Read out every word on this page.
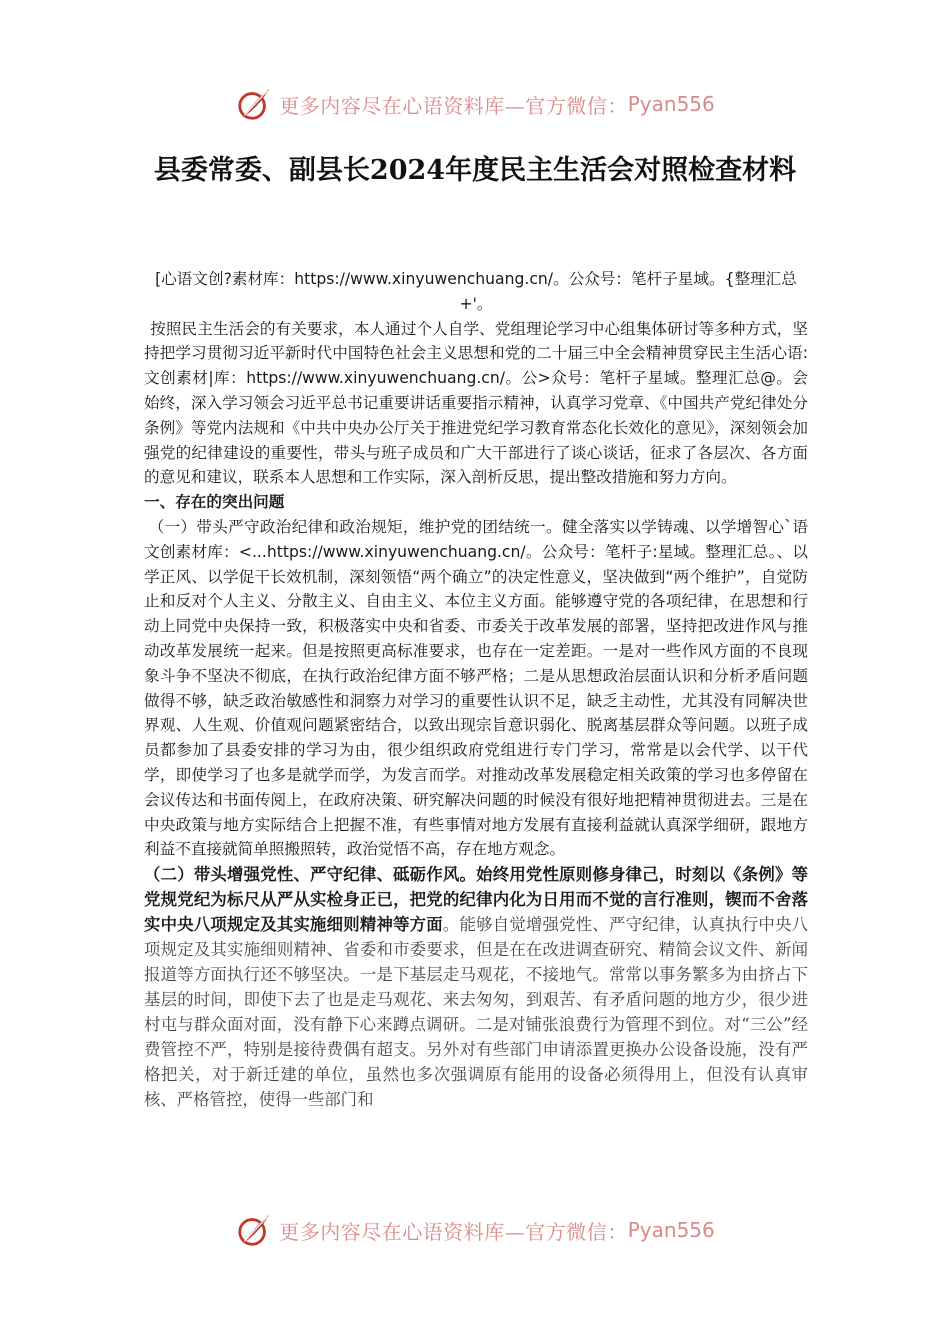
更多内容尽在心语资料库—官方微信： Pyan556
县委常委、副县长2024年度民主生活会对照检查材料

[心语文创?素材库：https://www.xinyuwenchuang.cn/。公众号：笔杆子星域。{整理汇总+'。

按照民主生活会的有关要求，本人通过个人自学、党组理论学习中心组集体研讨等多种方式，坚持把学习贯彻习近平新时代中国特色社会主义思想和党的二十届三中全会精神贯穿民主生活心语:文创素材|库：https://www.xinyuwenchuang.cn/。公>众号：笔杆子星域。整理汇总@。会始终，深入学习领会习近平总书记重要讲话重要指示精神，认真学习党章、《中国共产党纪律处分条例》等党内法规和《中共中央办公厅关于推进党纪学习教育常态化长效化的意见》，深刻领会加强党的纪律建设的重要性，带头与班子成员和广大干部进行了谈心谈话，征求了各层次、各方面的意见和建议，联系本人思想和工作实际，深入剖析反思，提出整改措施和努力方向。

一、存在的突出问题

（一）带头严守政治纪律和政治规矩，维护党的团结统一。健全落实以学铸魂、以学增智心`语文创素材库：<...https://www.xinyuwenchuang.cn/。公众号：笔杆子:星域。整理汇总。、以学正风、以学促干长效机制，深刻领悟“两个确立”的决定性意义，坚决做到“两个维护”，自觉防止和反对个人主义、分散主义、自由主义、本位主义方面。能够遵守党的各项纪律，在思想和行动上同党中央保持一致，积极落实中央和省委、市委关于改革发展的部署，坚持把改进作风与推动改革发展统一起来。但是按照更高标准要求，也存在一定差距。一是对一些作风方面的不良现象斗争不坚决不彻底，在执行政治纪律方面不够严格；二是从思想政治层面认识和分析矛盾问题做得不够，缺乏政治敏感性和洞察力对学习的重要性认识不足，缺乏主动性，尤其没有同解决世界观、人生观、价值观问题紧密结合，以致出现宗旨意识弱化、脱离基层群众等问题。以班子成员都参加了县委安排的学习为由，很少组织政府党组进行专门学习，常常是以会代学、以干代学，即使学习了也多是就学而学，为发言而学。对推动改革发展稳定相关政策的学习也多停留在会议传达和书面传阅上，在政府决策、研究解决问题的时候没有很好地把精神贯彻进去。三是在中央政策与地方实际结合上把握不准，有些事情对地方发展有直接利益就认真深学细研，跟地方利益不直接就简单照搬照转，政治觉悟不高，存在地方观念。

（二）带头增强党性、严守纪律、砥砺作风。始终用党性原则修身律己，时刻以《条例》等党规党纪为标尺从严从实检身正已，把党的纪律内化为日用而不觉的言行准则，锲而不舍落实中央八项规定及其实施细则精神等方面。能够自觉增强党性、严守纪律，认真执行中央八项规定及其实施细则精神、省委和市委要求，但是在在改进调查研究、精简会议文件、新闻报道等方面执行还不够坚决。一是下基层走马观花，不接地气。常常以事务繁多为由挤占下基层的时间，即使下去了也是走马观花、来去匆匆，到艰苦、有矛盾问题的地方少，很少进村屯与群众面对面，没有静下心来蹲点调研。二是对铺张浪费行为管理不到位。对“三公”经费管控不严，特别是接待费偶有超支。另外对有些部门申请添置更换办公设备设施，没有严格把关，对于新迁建的单位，虽然也多次强调原有能用的设备必须得用上，但没有认真审核、严格管控，使得一些部门和

更多内容尽在心语资料库—官方微信： Pyan556
